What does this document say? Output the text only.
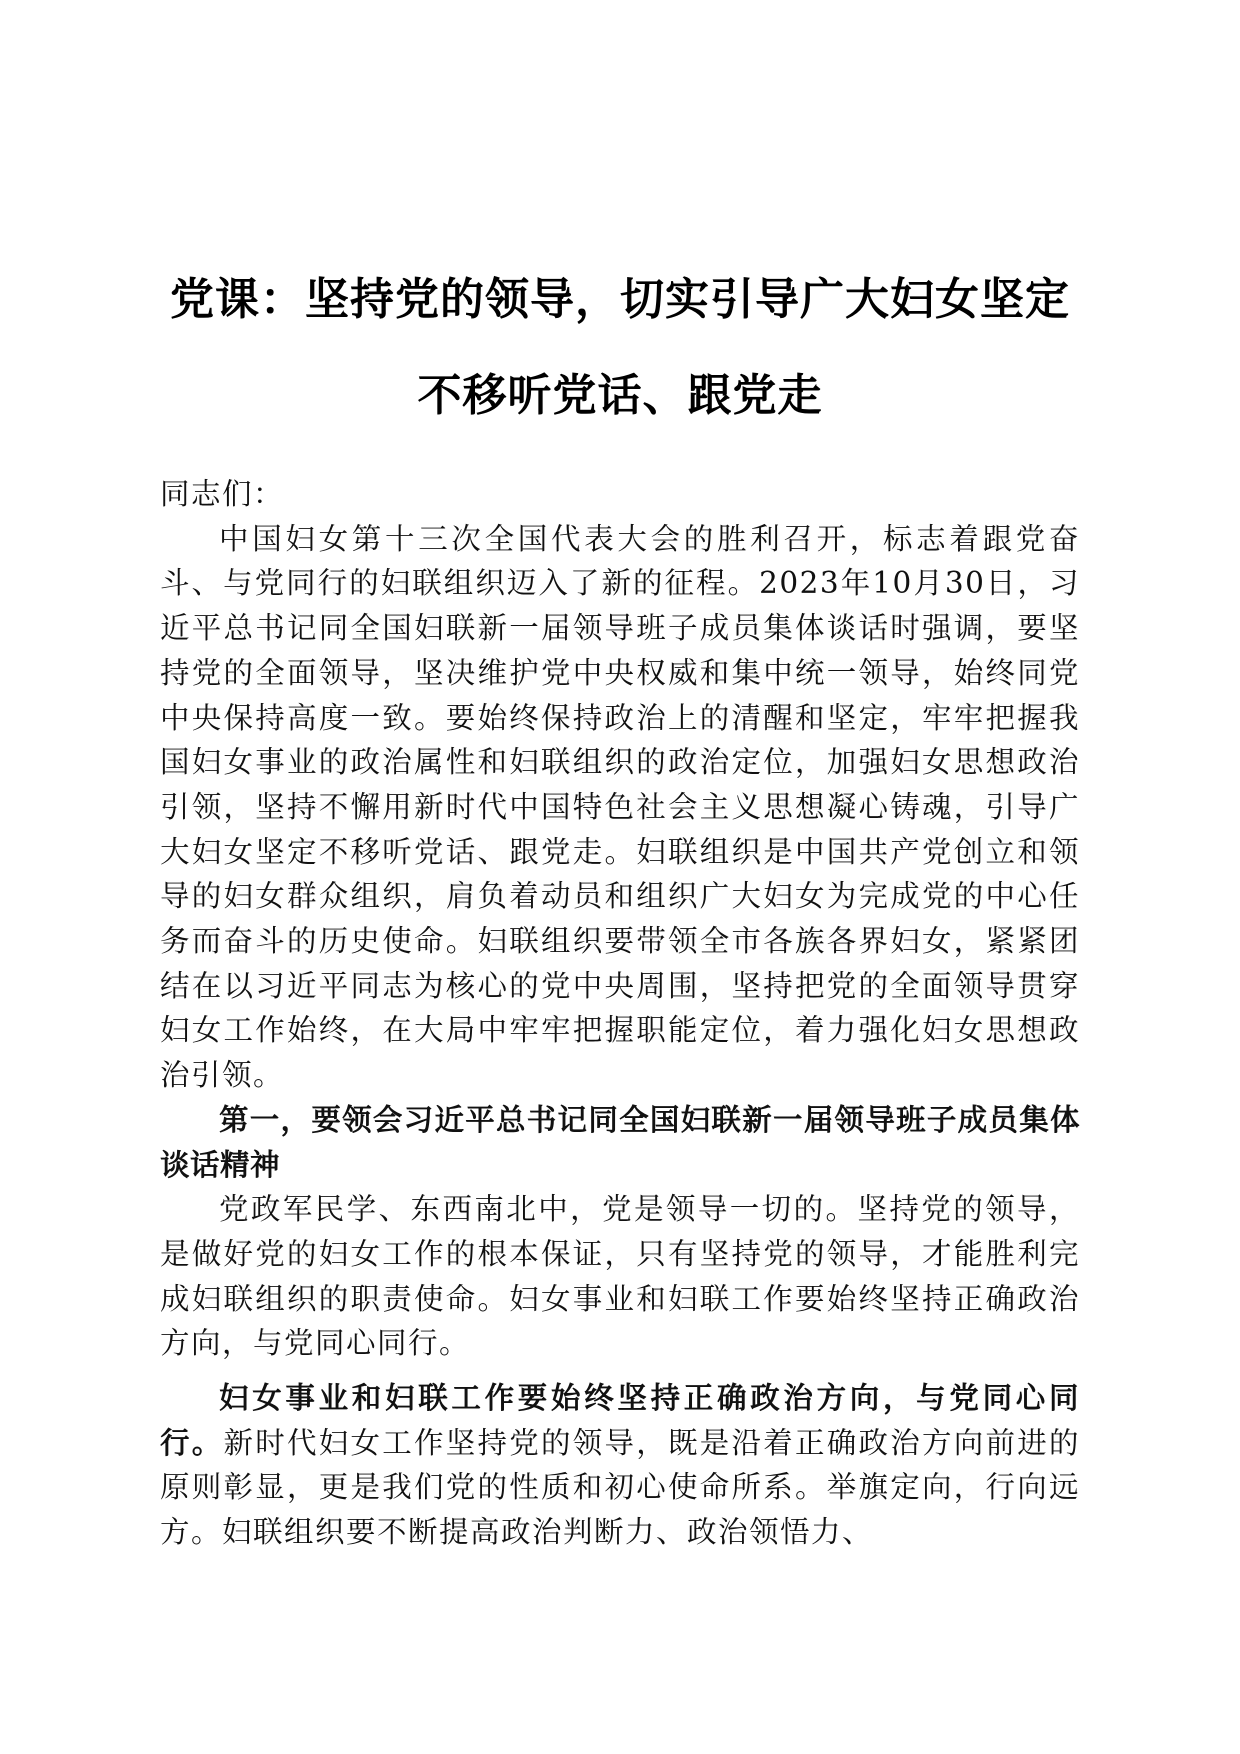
党课：坚持党的领导，切实引导广大妇女坚定
不移听党话、跟党走

同志们：

中国妇女第十三次全国代表大会的胜利召开，标志着跟党奋斗、与党同行的妇联组织迈入了新的征程。2023年10月30日，习近平总书记同全国妇联新一届领导班子成员集体谈话时强调，要坚持党的全面领导，坚决维护党中央权威和集中统一领导，始终同党中央保持高度一致。要始终保持政治上的清醒和坚定，牢牢把握我国妇女事业的政治属性和妇联组织的政治定位，加强妇女思想政治引领，坚持不懈用新时代中国特色社会主义思想凝心铸魂，引导广大妇女坚定不移听党话、跟党走。妇联组织是中国共产党创立和领导的妇女群众组织，肩负着动员和组织广大妇女为完成党的中心任务而奋斗的历史使命。妇联组织要带领全市各族各界妇女，紧紧团结在以习近平同志为核心的党中央周围，坚持把党的全面领导贯穿妇女工作始终，在大局中牢牢把握职能定位，着力强化妇女思想政治引领。

第一，要领会习近平总书记同全国妇联新一届领导班子成员集体谈话精神

党政军民学、东西南北中，党是领导一切的。坚持党的领导，是做好党的妇女工作的根本保证，只有坚持党的领导，才能胜利完成妇联组织的职责使命。妇女事业和妇联工作要始终坚持正确政治方向，与党同心同行。

妇女事业和妇联工作要始终坚持正确政治方向，与党同心同行。新时代妇女工作坚持党的领导，既是沿着正确政治方向前进的原则彰显，更是我们党的性质和初心使命所系。举旗定向，行向远方。妇联组织要不断提高政治判断力、政治领悟力、
